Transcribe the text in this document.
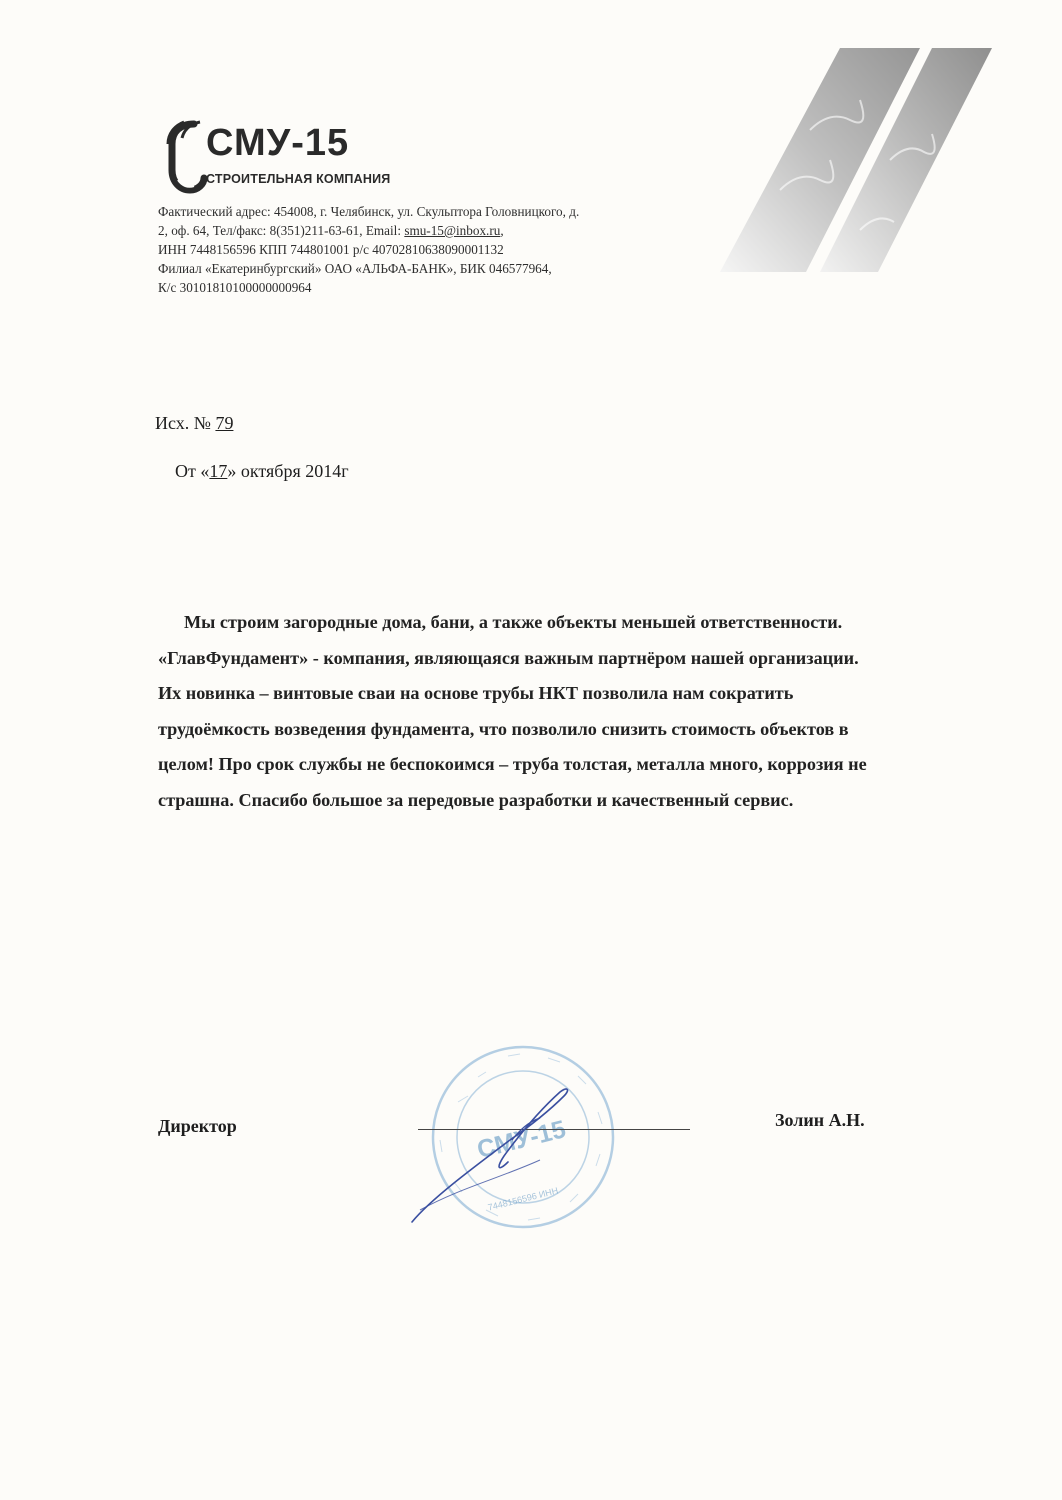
СМУ-15
СТРОИТЕЛЬНАЯ КОМПАНИЯ
Фактический адрес: 454008, г. Челябинск, ул. Скульптора Головницкого, д.
2, оф. 64, Тел/факс: 8(351)211-63-61, Email: smu-15@inbox.ru,
ИНН 7448156596 КПП 744801001 р/с 40702810638090001132
Филиал «Екатеринбургский» ОАО «АЛЬФА-БАНК», БИК 046577964,
К/с 30101810100000000964
Исх. № 79
От «17» октября 2014г
Мы строим загородные дома, бани, а также объекты меньшей ответственности.
«ГлавФундамент» - компания, являющаяся важным партнёром нашей организации.
Их новинка – винтовые сваи на основе трубы НКТ позволила нам сократить
трудоёмкость возведения фундамента, что позволило снизить стоимость объектов в
целом! Про срок службы не беспокоимся – труба толстая, металла много, коррозия не
страшна. Спасибо большое за передовые разработки и качественный сервис.
СМУ-15
7448156596 ИНН
Директор	Золин А.Н.
